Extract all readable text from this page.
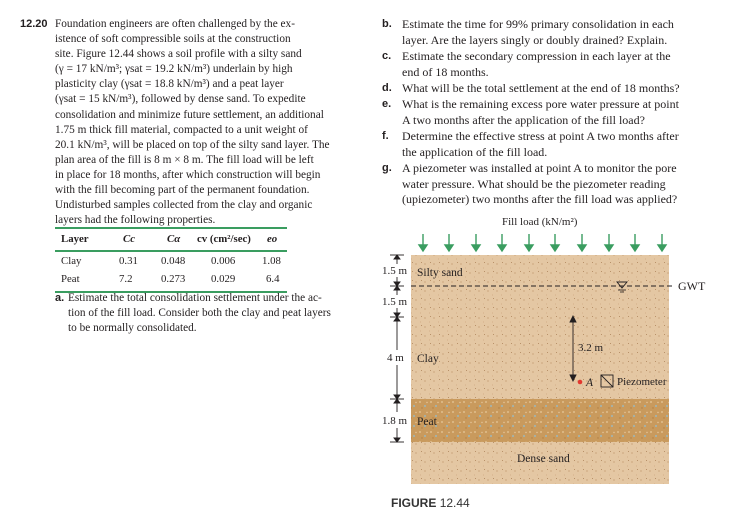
12.20 Foundation engineers are often challenged by the ex-
istence of soft compressible soils at the construction
site. Figure 12.44 shows a soil profile with a silty sand
(γ = 17 kN/m³; γsat = 19.2 kN/m³) underlain by high
plasticity clay (γsat = 18.8 kN/m³) and a peat layer
(γsat = 15 kN/m³), followed by dense sand. To expedite
consolidation and minimize future settlement, an additional
1.75 m thick fill material, compacted to a unit weight of
20.1 kN/m³, will be placed on top of the silty sand layer. The
plan area of the fill is 8 m × 8 m. The fill load will be left
in place for 18 months, after which construction will begin
with the fill becoming part of the permanent foundation.
Undisturbed samples collected from the clay and organic
layers had the following properties.
Layer	Cc	Cα cv (cm²/sec) eo
Clay	0.31 0.048 0.006 1.08
Peat	7.2	0.273 0.029	6.4
a. Estimate the total consolidation settlement under the ac-
tion of the fill load. Consider both the clay and peat layers
to be normally consolidated.
b. Estimate the time for 99% primary consolidation in each
layer. Are the layers singly or doubly drained? Explain.
c. Estimate the secondary compression in each layer at the
end of 18 months.
d. What will be the total settlement at the end of 18 months?
e. What is the remaining excess pore water pressure at point
A two months after the application of the fill load?
f. Determine the effective stress at point A two months after
the application of the fill load.
g. A piezometer was installed at point A to monitor the pore
water pressure. What should be the piezometer reading
(upiezometer) two months after the fill load was applied?
GWT
Fill load (kN/m²)
1.5 m
1.5 m
4 m
1.8 m
Silty sand
Clay
Peat
Dense sand
3.2 m
A Piezometer
FIGURE 12.44
